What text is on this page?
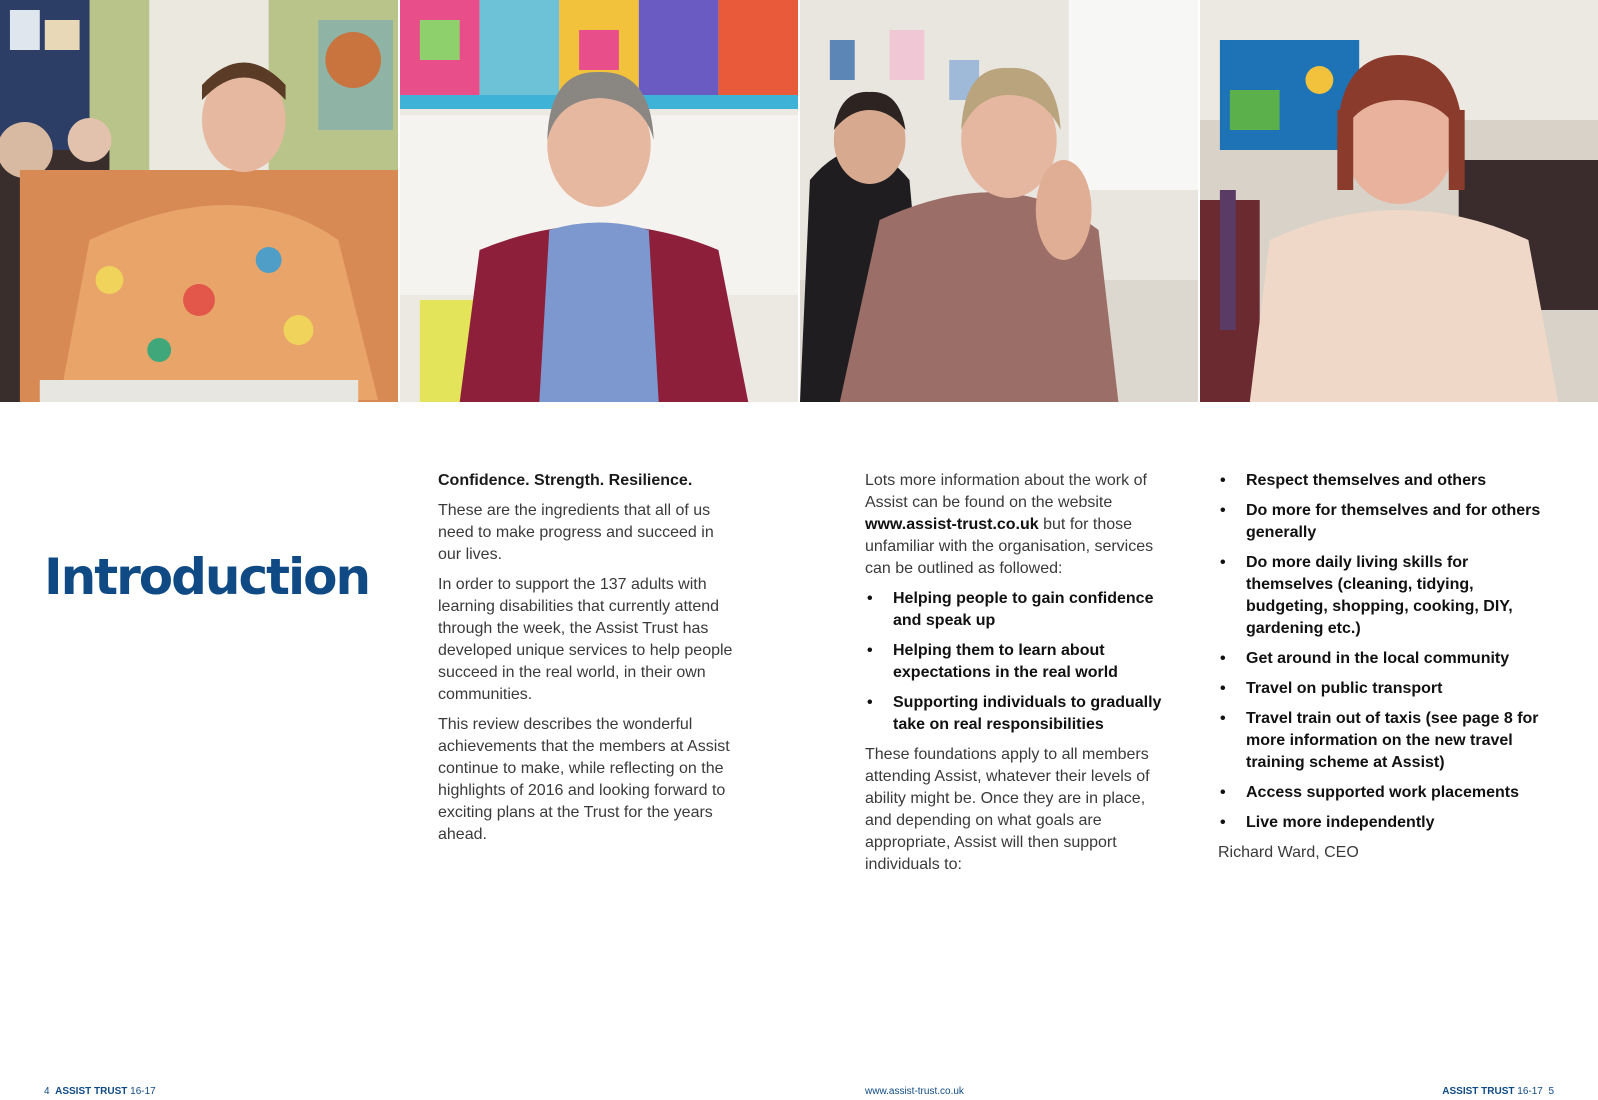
Introduction

Confidence. Strength. Resilience.

These are the ingredients that all of us need to make progress and succeed in our lives.

In order to support the 137 adults with learning disabilities that currently attend through the week, the Assist Trust has developed unique services to help people succeed in the real world, in their own communities.

This review describes the wonderful achievements that the members at Assist continue to make, while reflecting on the highlights of 2016 and looking forward to exciting plans at the Trust for the years ahead.

Lots more information about the work of Assist can be found on the website www.assist-trust.co.uk but for those unfamiliar with the organisation, services can be outlined as followed:

• Helping people to gain confidence and speak up
• Helping them to learn about expectations in the real world
• Supporting individuals to gradually take on real responsibilities

These foundations apply to all members attending Assist, whatever their levels of ability might be. Once they are in place, and depending on what goals are appropriate, Assist will then support individuals to:

• Respect themselves and others
• Do more for themselves and for others generally
• Do more daily living skills for themselves (cleaning, tidying, budgeting, shopping, cooking, DIY, gardening etc.)
• Get around in the local community
• Travel on public transport
• Travel train out of taxis (see page 8 for more information on the new travel training scheme at Assist)
• Access supported work placements
• Live more independently

Richard Ward, CEO

4 ASSIST TRUST 16-17	www.assist-trust.co.uk	ASSIST TRUST 16-17 5
